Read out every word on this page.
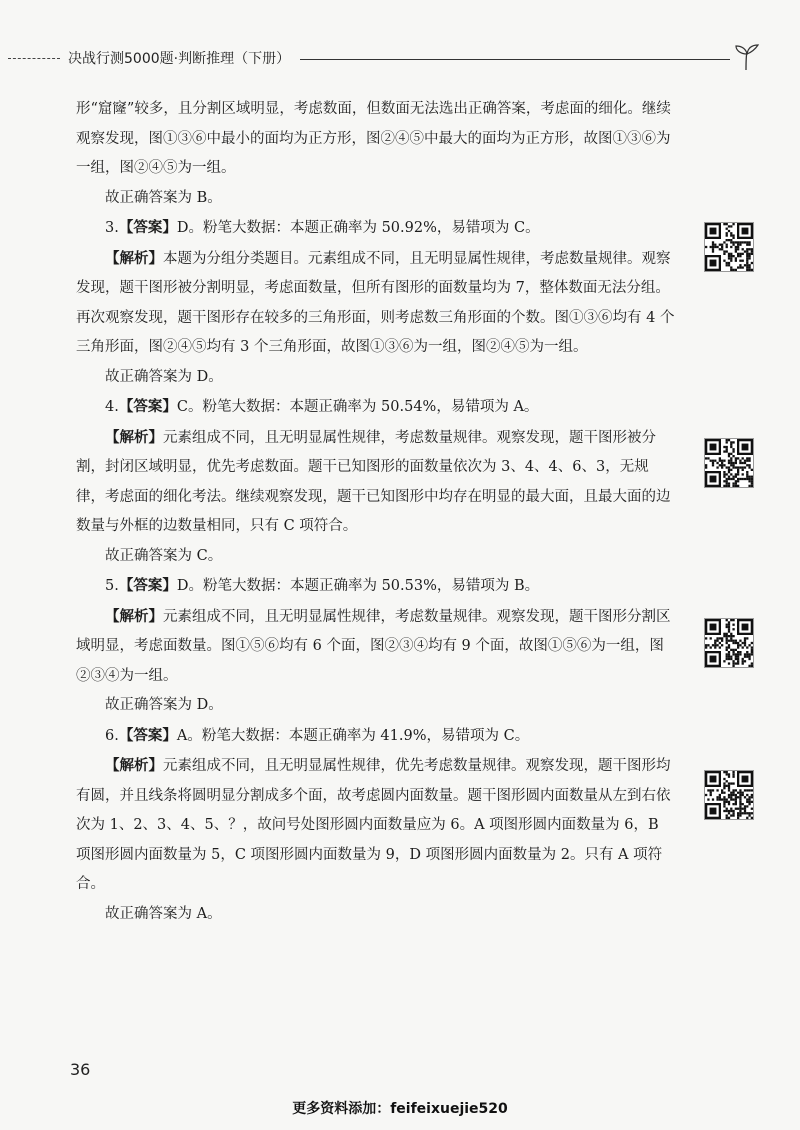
决战行测5000题·判断推理（下册）

形“窟窿”较多，且分割区域明显，考虑数面，但数面无法选出正确答案，考虑面的细化。继续观察发现，图①③⑥中最小的面均为正方形，图②④⑤中最大的面均为正方形，故图①③⑥为一组，图②④⑤为一组。

故正确答案为 B。

3.【答案】D。粉笔大数据：本题正确率为 50.92%，易错项为 C。

【解析】本题为分组分类题目。元素组成不同，且无明显属性规律，考虑数量规律。观察发现，题干图形被分割明显，考虑面数量，但所有图形的面数量均为 7，整体数面无法分组。再次观察发现，题干图形存在较多的三角形面，则考虑数三角形面的个数。图①③⑥均有 4 个三角形面，图②④⑤均有 3 个三角形面，故图①③⑥为一组，图②④⑤为一组。

故正确答案为 D。

4.【答案】C。粉笔大数据：本题正确率为 50.54%，易错项为 A。

【解析】元素组成不同，且无明显属性规律，考虑数量规律。观察发现，题干图形被分割，封闭区域明显，优先考虑数面。题干已知图形的面数量依次为 3、4、4、6、3，无规律，考虑面的细化考法。继续观察发现，题干已知图形中均存在明显的最大面，且最大面的边数量与外框的边数量相同，只有 C 项符合。

故正确答案为 C。

5.【答案】D。粉笔大数据：本题正确率为 50.53%，易错项为 B。

【解析】元素组成不同，且无明显属性规律，考虑数量规律。观察发现，题干图形分割区域明显，考虑面数量。图①⑤⑥均有 6 个面，图②③④均有 9 个面，故图①⑤⑥为一组，图②③④为一组。

故正确答案为 D。

6.【答案】A。粉笔大数据：本题正确率为 41.9%，易错项为 C。

【解析】元素组成不同，且无明显属性规律，优先考虑数量规律。观察发现，题干图形均有圆，并且线条将圆明显分割成多个面，故考虑圆内面数量。题干图形圆内面数量从左到右依次为 1、2、3、4、5、？，故问号处图形圆内面数量应为 6。A 项图形圆内面数量为 6，B 项图形圆内面数量为 5，C 项图形圆内面数量为 9，D 项图形圆内面数量为 2。只有 A 项符合。

故正确答案为 A。

36
更多资料添加：feifeixuejie520
